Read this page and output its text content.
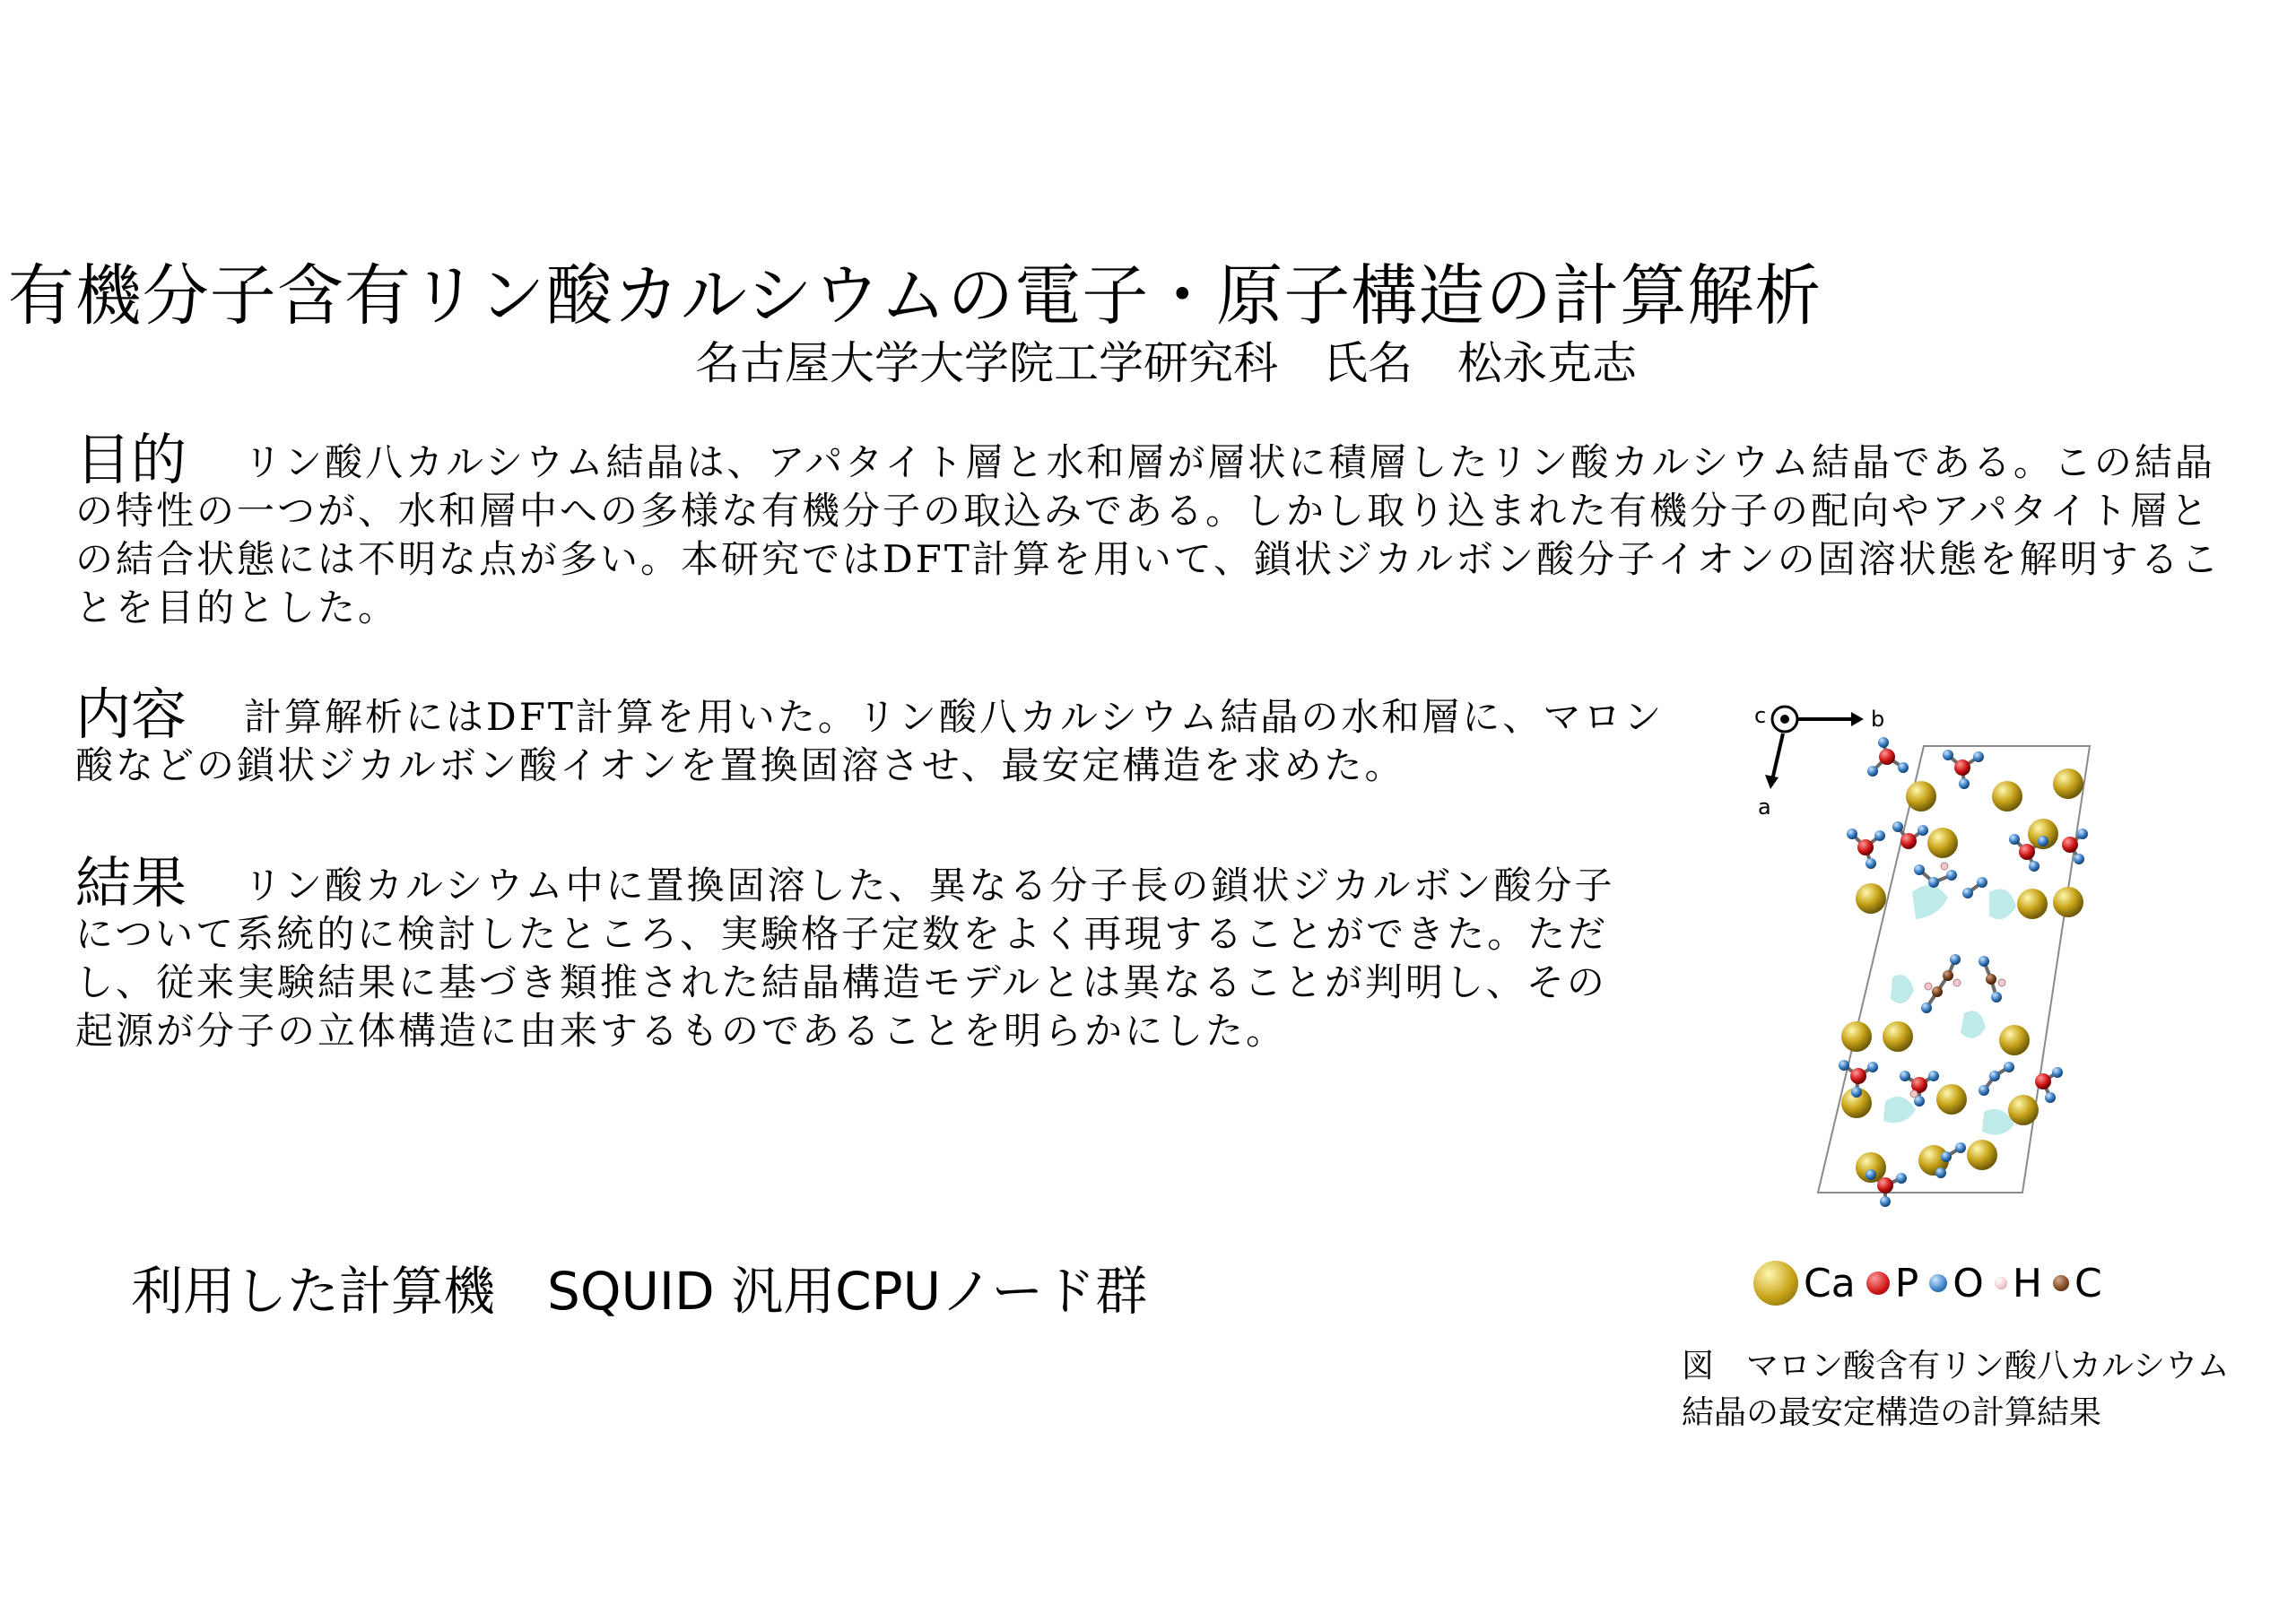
有機分子含有リン酸カルシウムの電子・原子構造の計算解析
名古屋大学大学院工学研究科　氏名　松永克志
目的 リン酸八カルシウム結晶は、アパタイト層と水和層が層状に積層したリン酸カルシウム結晶である。この結晶の特性の一つが、水和層中への多様な有機分子の取込みである。しかし取り込まれた有機分子の配向やアパタイト層との結合状態には不明な点が多い。本研究ではDFT計算を用いて、鎖状ジカルボン酸分子イオンの固溶状態を解明することを目的とした。
内容 計算解析にはDFT計算を用いた。リン酸八カルシウム結晶の水和層に、マロン酸などの鎖状ジカルボン酸イオンを置換固溶させ、最安定構造を求めた。
結果 リン酸カルシウム中に置換固溶した、異なる分子長の鎖状ジカルボン酸分子について系統的に検討したところ、実験格子定数をよく再現することができた。ただし、従来実験結果に基づき類推された結晶構造モデルとは異なることが判明し、その起源が分子の立体構造に由来するものであることを明らかにした。
利用した計算機　SQUID 汎用CPUノード群
c	b
a
Ca P O H C
図　マロン酸含有リン酸八カルシウム結晶の最安定構造の計算結果
